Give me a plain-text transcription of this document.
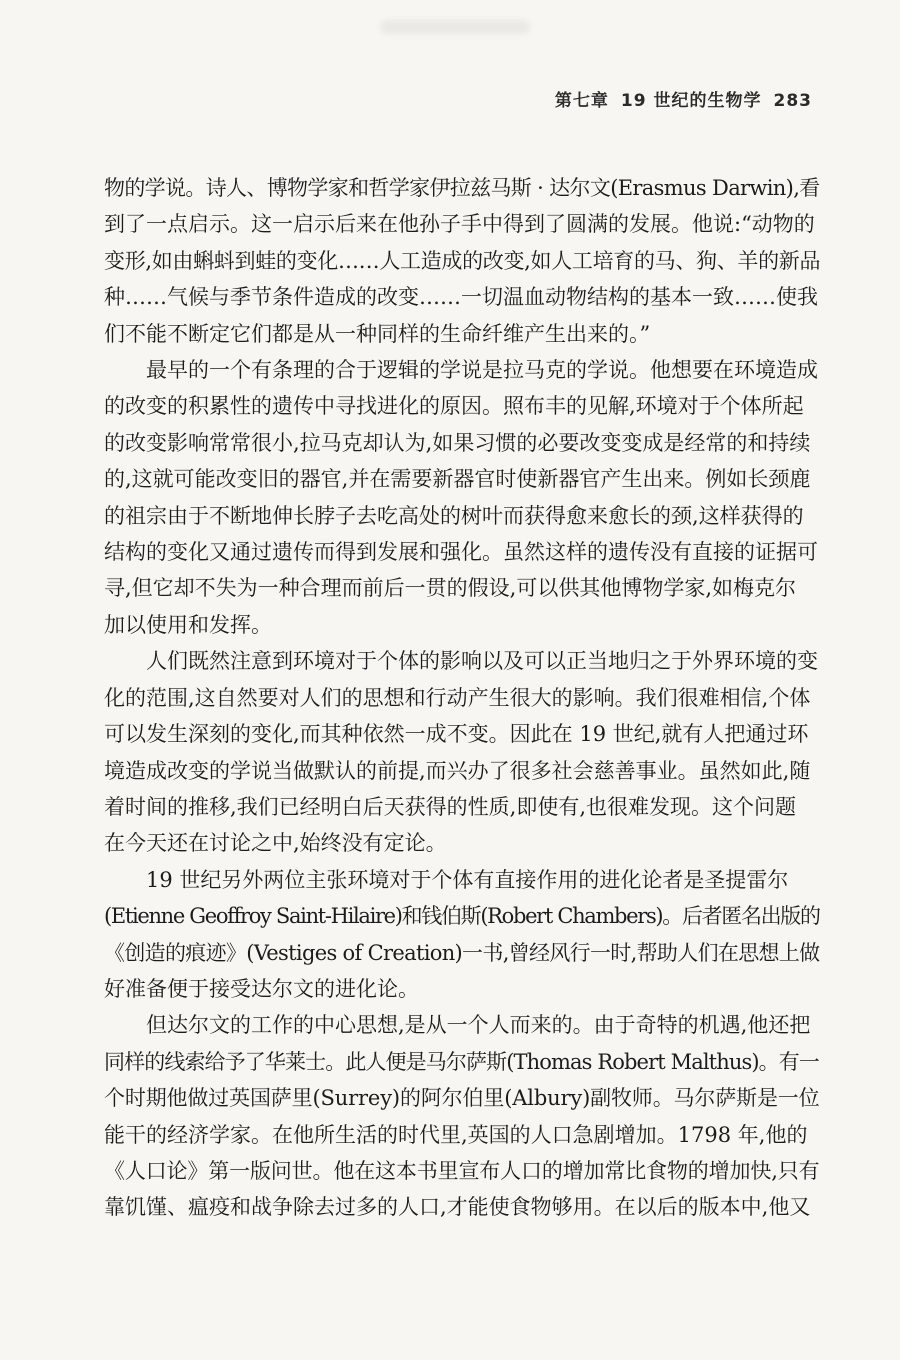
第七章 19 世纪的生物学 283
物的学说。诗人、博物学家和哲学家伊拉兹马斯 · 达尔文(Erasmus Darwin),看
到了一点启示。这一启示后来在他孙子手中得到了圆满的发展。他说:“动物的
变形,如由蝌蚪到蛙的变化……人工造成的改变,如人工培育的马、狗、羊的新品
种……气候与季节条件造成的改变……一切温血动物结构的基本一致……使我
们不能不断定它们都是从一种同样的生命纤维产生出来的。”
最早的一个有条理的合于逻辑的学说是拉马克的学说。他想要在环境造成
的改变的积累性的遗传中寻找进化的原因。照布丰的见解,环境对于个体所起
的改变影响常常很小,拉马克却认为,如果习惯的必要改变变成是经常的和持续
的,这就可能改变旧的器官,并在需要新器官时使新器官产生出来。例如长颈鹿
的祖宗由于不断地伸长脖子去吃高处的树叶而获得愈来愈长的颈,这样获得的
结构的变化又通过遗传而得到发展和强化。虽然这样的遗传没有直接的证据可
寻,但它却不失为一种合理而前后一贯的假设,可以供其他博物学家,如梅克尔
加以使用和发挥。
人们既然注意到环境对于个体的影响以及可以正当地归之于外界环境的变
化的范围,这自然要对人们的思想和行动产生很大的影响。我们很难相信,个体
可以发生深刻的变化,而其种依然一成不变。因此在 19 世纪,就有人把通过环
境造成改变的学说当做默认的前提,而兴办了很多社会慈善事业。虽然如此,随
着时间的推移,我们已经明白后天获得的性质,即使有,也很难发现。这个问题
在今天还在讨论之中,始终没有定论。
19 世纪另外两位主张环境对于个体有直接作用的进化论者是圣提雷尔
(Etienne Geoffroy Saint-Hilaire)和钱伯斯(Robert Chambers)。后者匿名出版的
《创造的痕迹》(Vestiges of Creation)一书,曾经风行一时,帮助人们在思想上做
好准备便于接受达尔文的进化论。
但达尔文的工作的中心思想,是从一个人而来的。由于奇特的机遇,他还把
同样的线索给予了华莱士。此人便是马尔萨斯(Thomas Robert Malthus)。有一
个时期他做过英国萨里(Surrey)的阿尔伯里(Albury)副牧师。马尔萨斯是一位
能干的经济学家。在他所生活的时代里,英国的人口急剧增加。1798 年,他的
《人口论》第一版问世。他在这本书里宣布人口的增加常比食物的增加快,只有
靠饥馑、瘟疫和战争除去过多的人口,才能使食物够用。在以后的版本中,他又
